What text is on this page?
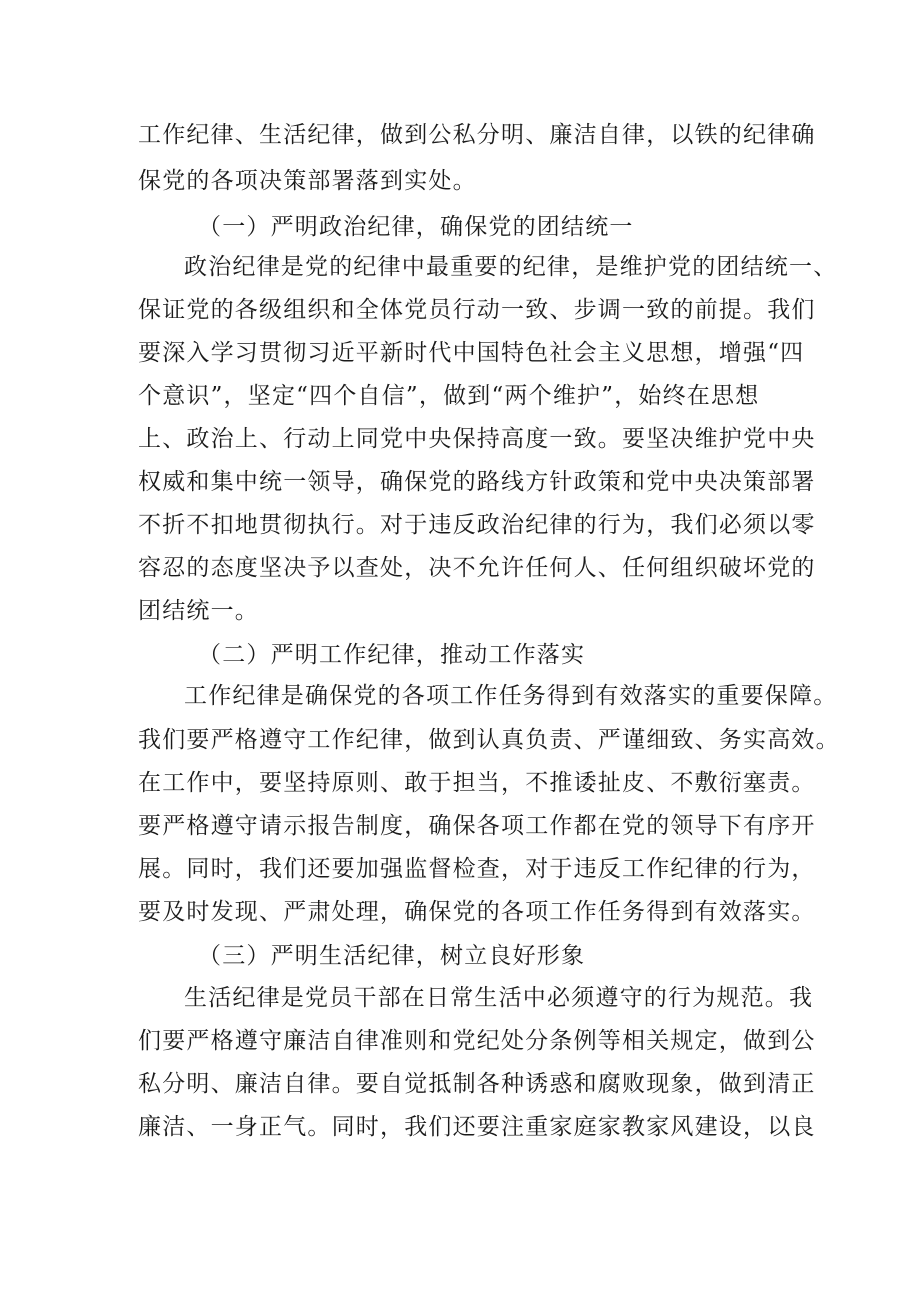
工作纪律、生活纪律，做到公私分明、廉洁自律，以铁的纪律确
保党的各项决策部署落到实处。
（一）严明政治纪律，确保党的团结统一
政治纪律是党的纪律中最重要的纪律，是维护党的团结统一、
保证党的各级组织和全体党员行动一致、步调一致的前提。我们
要深入学习贯彻习近平新时代中国特色社会主义思想，增强“四
个意识”，坚定“四个自信”，做到“两个维护”，始终在思想
上、政治上、行动上同党中央保持高度一致。要坚决维护党中央
权威和集中统一领导，确保党的路线方针政策和党中央决策部署
不折不扣地贯彻执行。对于违反政治纪律的行为，我们必须以零
容忍的态度坚决予以查处，决不允许任何人、任何组织破坏党的
团结统一。
（二）严明工作纪律，推动工作落实
工作纪律是确保党的各项工作任务得到有效落实的重要保障。
我们要严格遵守工作纪律，做到认真负责、严谨细致、务实高效。
在工作中，要坚持原则、敢于担当，不推诿扯皮、不敷衍塞责。
要严格遵守请示报告制度，确保各项工作都在党的领导下有序开
展。同时，我们还要加强监督检查，对于违反工作纪律的行为，
要及时发现、严肃处理，确保党的各项工作任务得到有效落实。
（三）严明生活纪律，树立良好形象
生活纪律是党员干部在日常生活中必须遵守的行为规范。我
们要严格遵守廉洁自律准则和党纪处分条例等相关规定，做到公
私分明、廉洁自律。要自觉抵制各种诱惑和腐败现象，做到清正
廉洁、一身正气。同时，我们还要注重家庭家教家风建设，以良
